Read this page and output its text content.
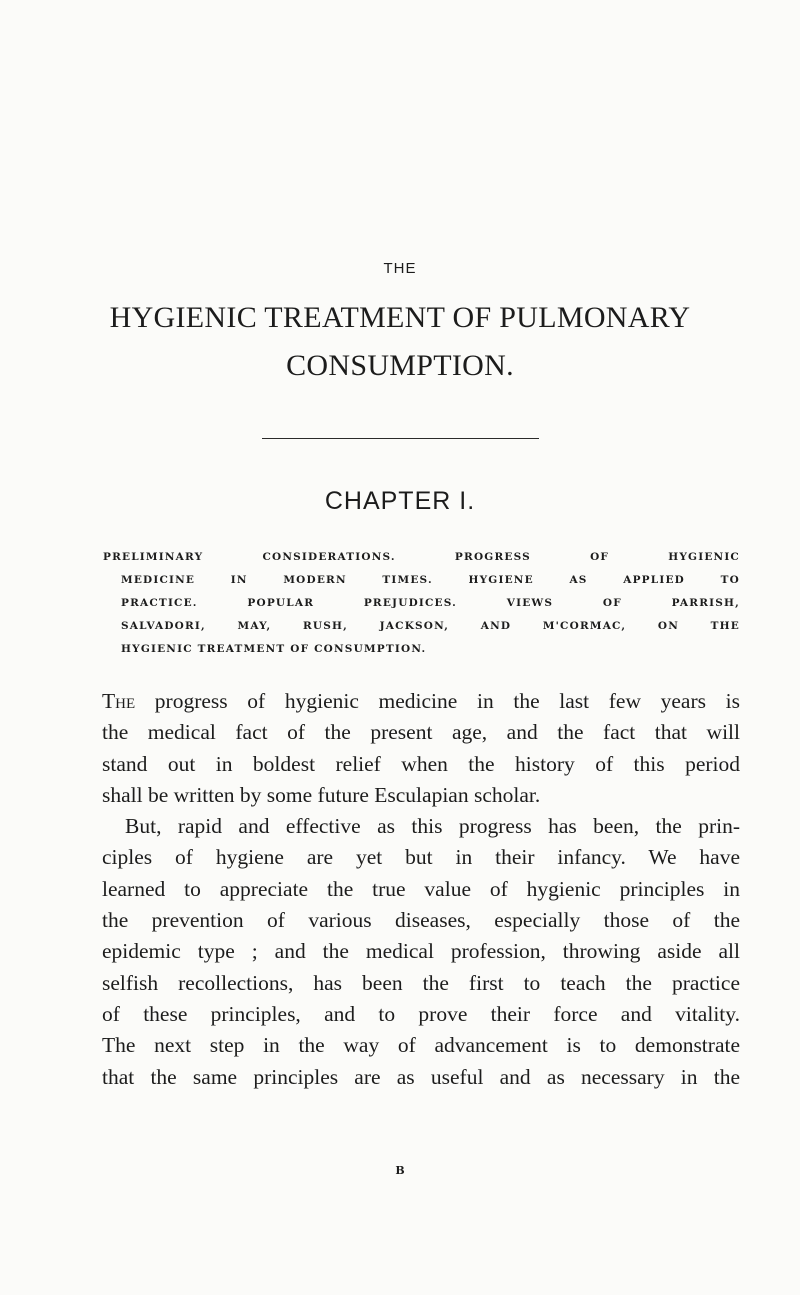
THE
HYGIENIC TREATMENT OF PULMONARY
CONSUMPTION.
CHAPTER I.
PRELIMINARY CONSIDERATIONS. PROGRESS OF HYGIENIC
MEDICINE IN MODERN TIMES. HYGIENE AS APPLIED TO
PRACTICE. POPULAR PREJUDICES. VIEWS OF PARRISH,
SALVADORI, MAY, RUSH, JACKSON, AND M'CORMAC, ON THE
HYGIENIC TREATMENT OF CONSUMPTION.
The progress of hygienic medicine in the last few years is
the medical fact of the present age, and the fact that will
stand out in boldest relief when the history of this period
shall be written by some future Esculapian scholar.
But, rapid and effective as this progress has been, the prin-
ciples of hygiene are yet but in their infancy. We have
learned to appreciate the true value of hygienic principles in
the prevention of various diseases, especially those of the
epidemic type ; and the medical profession, throwing aside all
selfish recollections, has been the first to teach the practice
of these principles, and to prove their force and vitality.
The next step in the way of advancement is to demonstrate
that the same principles are as useful and as necessary in the
B
